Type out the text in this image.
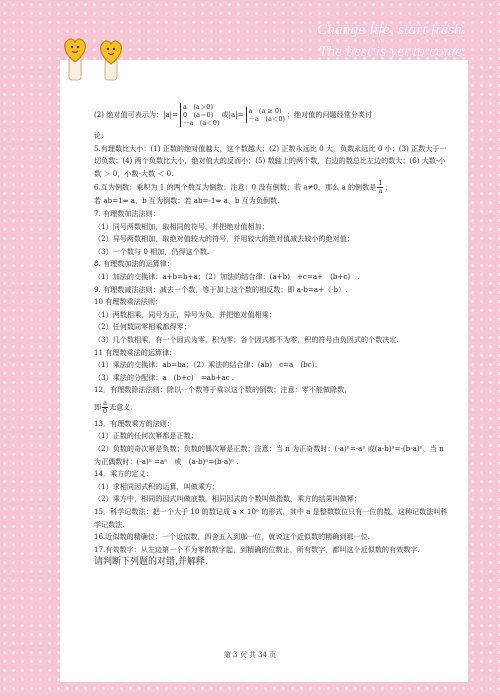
Change life, start fresh.
The best is yet to come.
(2) 绝对值可表示为： |a|=
a　(a＞0)
0　(a＝0)
－a　(a＜0)
或 |a|= a　(a ≥ 0)
－a　(a＜0)
；绝对值的问题经常分类讨

论;

5.有理数比大小：(1) 正数的绝对值越大，这个数越大；(2) 正数永远比 0 大，负数永远比 0 小；(3) 正数大于一切负数；(4) 两个负数比大小，绝对值大的反而小；(5) 数轴上的两个数，右边的数总比左边的数大；(6) 大数-小数 ＞ 0，小数-大数 ＜ 0.

6.互为倒数：乘积为 1 的两个数互为倒数；注意：0 没有倒数；若 a≠0，那么 a 的倒数是 $\frac{1}{a}$ ；

若 ab=1⇔ a、b 互为倒数；若 ab=-1⇔ a、b 互为负倒数.

7. 有理数加法法则：

（1）同号两数相加，取相同的符号，并把绝对值相加；

（2）异号两数相加，取绝对值较大的符号，并用较大的绝对值减去较小的绝对值；

（3）一个数与 0 相加，仍得这个数.

8. 有理数加法的运算律：

（1）加法的交换律：a+b=b+a；（2）加法的结合律：(a+b)　+c=a+　(b+c)　.

9. 有理数减法法则：减去一个数，等于加上这个数的相反数；即 a-b=a+（-b）.

10 有理数乘法法则：

（1）两数相乘，同号为正，异号为负，并把绝对值相乘；

（2）任何数同零相乘都得零；

（3）几个数相乘，有一个因式为零，积为零；各个因式都不为零，积的符号由负因式的个数决定.

11 有理数乘法的运算律：

（1）乘法的交换律：ab=ba；（2）乘法的结合律：(ab)　c=a　(bc)；

（3）乘法的分配律：a　(b+c)　=ab+ac .

12．有理数除法法则：除以一个数等于乘以这个数的倒数；注意：零不能做除数，

即 $\frac{a}{0}$ 无意义.

13．有理数乘方的法则：

（1）正数的任何次幂都是正数；

（2）负数的奇次幂是负数；负数的偶次幂是正数；注意：当 n 为正奇数时：(-a)ⁿ=-aⁿ 或(a-b)ⁿ=-(b-a)ⁿ，当 n 为正偶数时：(-a)ⁿ =aⁿ　或　(a-b)ⁿ=(b-a)ⁿ .

14．乘方的定义：

（1）求相同因式积的运算，叫做乘方；

（2）乘方中，相同的因式叫做底数，相同因式的个数叫做指数，乘方的结果叫做幂；

15．科学记数法：把一个大于 10 的数记成 a × 10ⁿ 的形式，其中 a 是整数数位只有一位的数，这种记数法叫科学记数法.

16.近似数的精确位：一个近似数，四舍五入到那一位，就说这个近似数的精确到那一位.

17.有效数字：从左边第一个不为零的数字起，到精确的位数止，所有数字，都叫这个近似数的有效数字.

请判断下列题的对错,并解释.

第 3 页 共 34 页
